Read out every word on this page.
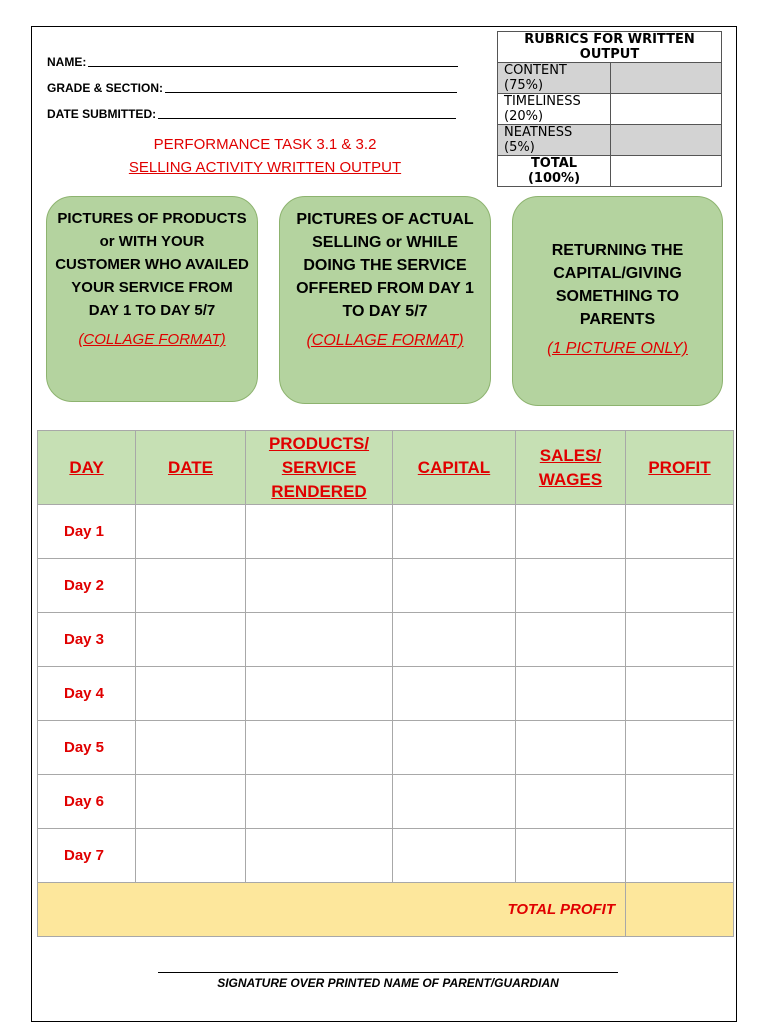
NAME:
GRADE & SECTION:
DATE SUBMITTED:
PERFORMANCE TASK 3.1 & 3.2
SELLING ACTIVITY WRITTEN OUTPUT
RUBRICS FOR WRITTEN OUTPUT	
CONTENT (75%)	
TIMELINESS (20%)	
NEATNESS (5%)	
TOTAL (100%)	
PICTURES OF PRODUCTS or WITH YOUR CUSTOMER WHO AVAILED YOUR SERVICE FROM DAY 1 TO DAY 5/7
(COLLAGE FORMAT)
PICTURES OF ACTUAL SELLING or WHILE DOING THE SERVICE OFFERED FROM DAY 1 TO DAY 5/7
(COLLAGE FORMAT)
RETURNING THE CAPITAL/GIVING SOMETHING TO PARENTS
(1 PICTURE ONLY)
DAY	DATE	PRODUCTS/ SERVICE RENDERED	CAPITAL	SALES/ WAGES	PROFIT
Day 1					
Day 2					
Day 3					
Day 4					
Day 5					
Day 6					
Day 7					
TOTAL PROFIT					
SIGNATURE OVER PRINTED NAME OF PARENT/GUARDIAN
